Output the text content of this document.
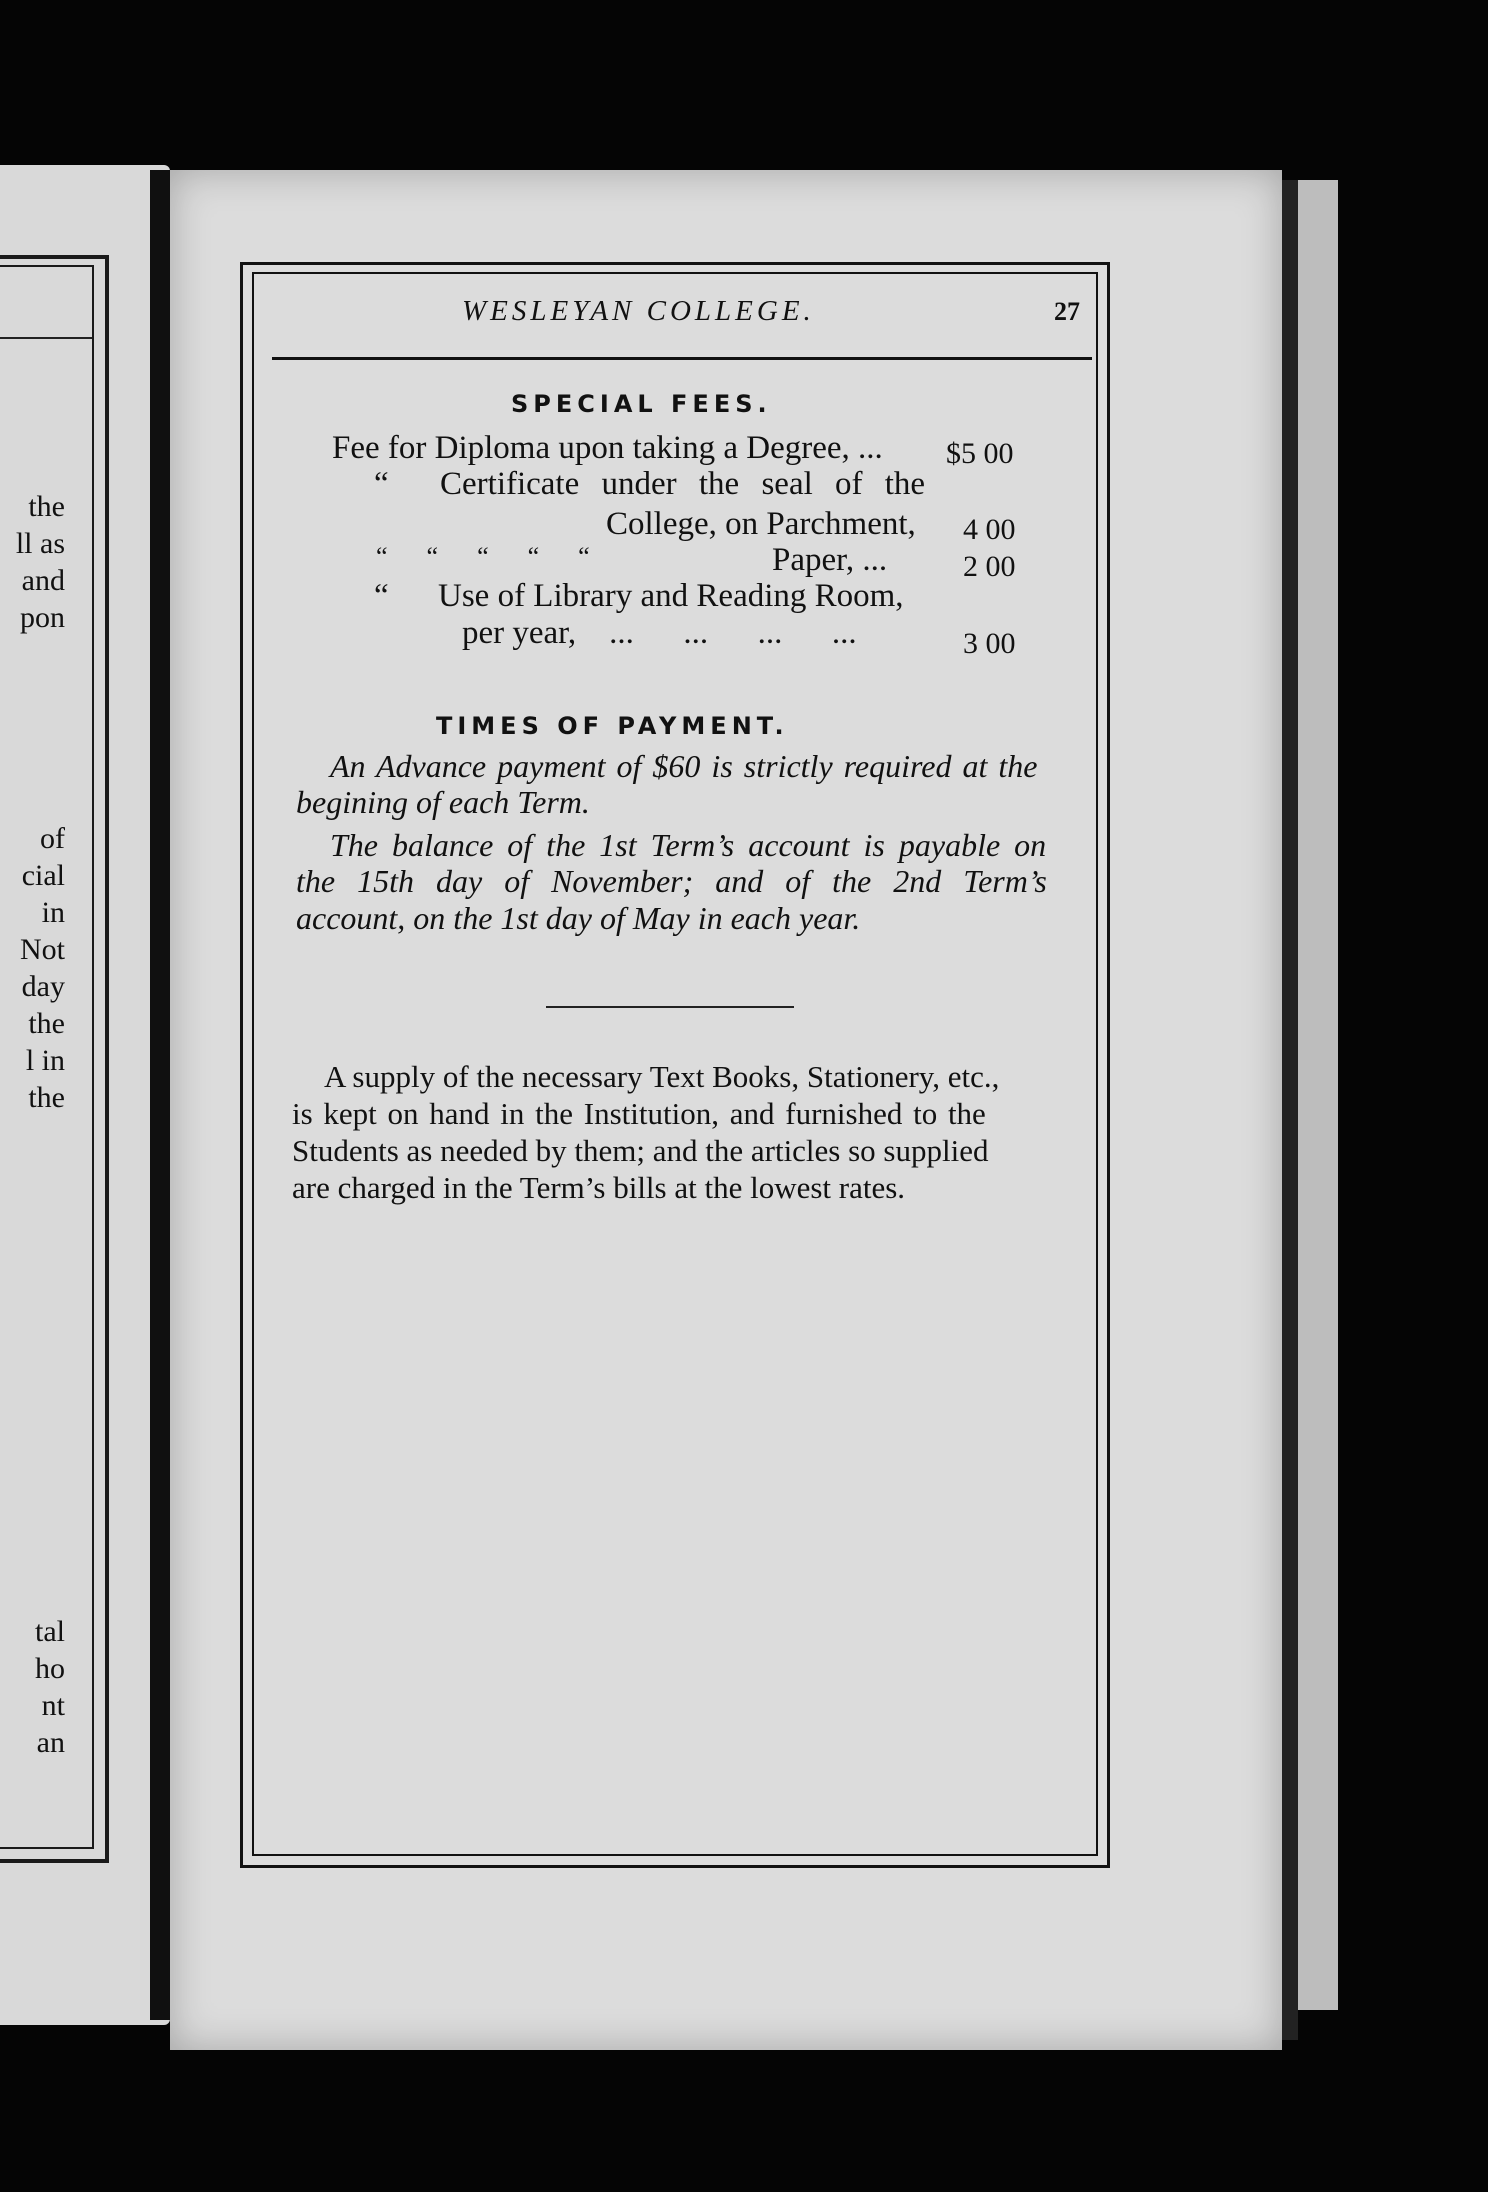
the
ll as
and
pon
of
cial
in
Not
day
the
l in
the
tal
ho
nt
an
WESLEYAN COLLEGE.	27
SPECIAL FEES.
Fee for Diploma upon taking a Degree, ... $5 00
“ Certificate under the seal of the
College, on Parchment, 4 00
“      “      “      “      “	Paper, ...	2 00
“ Use of Library and Reading Room,
per year,    ...      ...      ...      ...	3 00
TIMES OF PAYMENT.
An Advance payment of $60 is strictly required at the
begining of each Term.
The balance of the 1st Term’s account is payable on
the 15th day of November; and of the 2nd Term’s
account, on the 1st day of May in each year.
A supply of the necessary Text Books, Stationery, etc.,
is kept on hand in the Institution, and furnished to the
Students as needed by them; and the articles so supplied
are charged in the Term’s bills at the lowest rates.
